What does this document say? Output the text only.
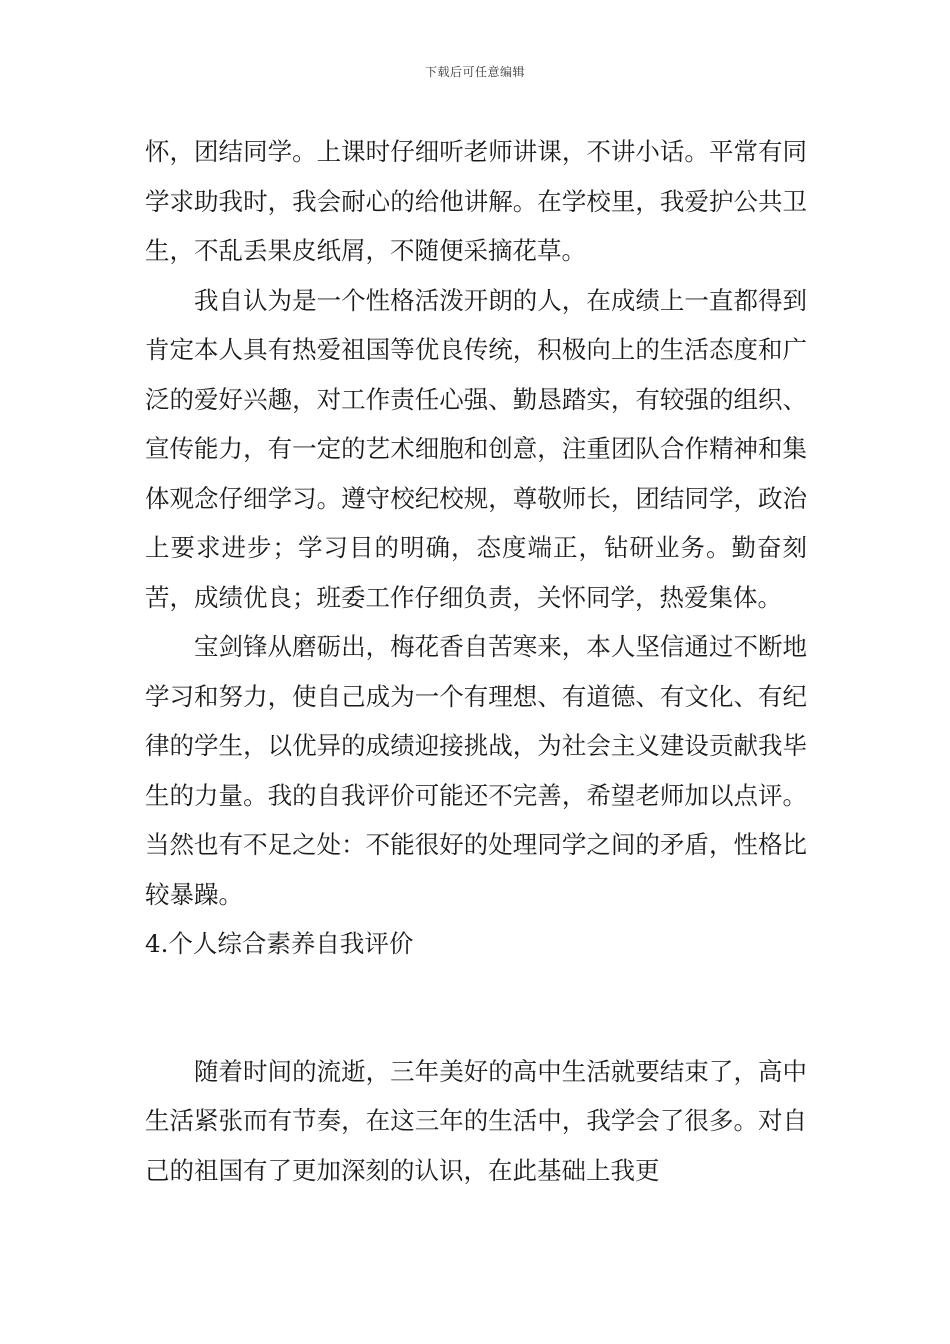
下载后可任意编辑

怀，团结同学。上课时仔细听老师讲课，不讲小话。平常有同学求助我时，我会耐心的给他讲解。在学校里，我爱护公共卫生，不乱丢果皮纸屑，不随便采摘花草。

我自认为是一个性格活泼开朗的人，在成绩上一直都得到肯定本人具有热爱祖国等优良传统，积极向上的生活态度和广泛的爱好兴趣，对工作责任心强、勤恳踏实，有较强的组织、宣传能力，有一定的艺术细胞和创意，注重团队合作精神和集体观念仔细学习。遵守校纪校规，尊敬师长，团结同学，政治上要求进步；学习目的明确，态度端正，钻研业务。勤奋刻苦，成绩优良；班委工作仔细负责，关怀同学，热爱集体。

宝剑锋从磨砺出，梅花香自苦寒来，本人坚信通过不断地学习和努力，使自己成为一个有理想、有道德、有文化、有纪律的学生，以优异的成绩迎接挑战，为社会主义建设贡献我毕生的力量。我的自我评价可能还不完善，希望老师加以点评。当然也有不足之处：不能很好的处理同学之间的矛盾，性格比较暴躁。

4.个人综合素养自我评价

随着时间的流逝，三年美好的高中生活就要结束了，高中生活紧张而有节奏，在这三年的生活中，我学会了很多。对自己的祖国有了更加深刻的认识，在此基础上我更
